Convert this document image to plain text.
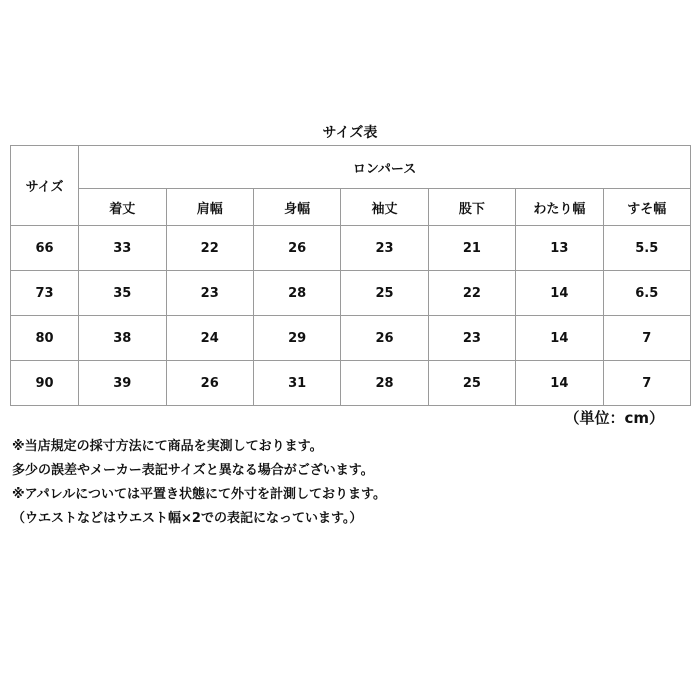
サイズ表
サイズ	ロンパース						
	着丈	肩幅	身幅	袖丈	股下	わたり幅	すそ幅
66	33	22	26	23	21	13	5.5
73	35	23	28	25	22	14	6.5
80	38	24	29	26	23	14	7
90	39	26	31	28	25	14	7
（単位：cm）
※当店規定の採寸方法にて商品を実測しております。
多少の誤差やメーカー表記サイズと異なる場合がございます。
※アパレルについては平置き状態にて外寸を計測しております。
（ウエストなどはウエスト幅×2での表記になっています。）
